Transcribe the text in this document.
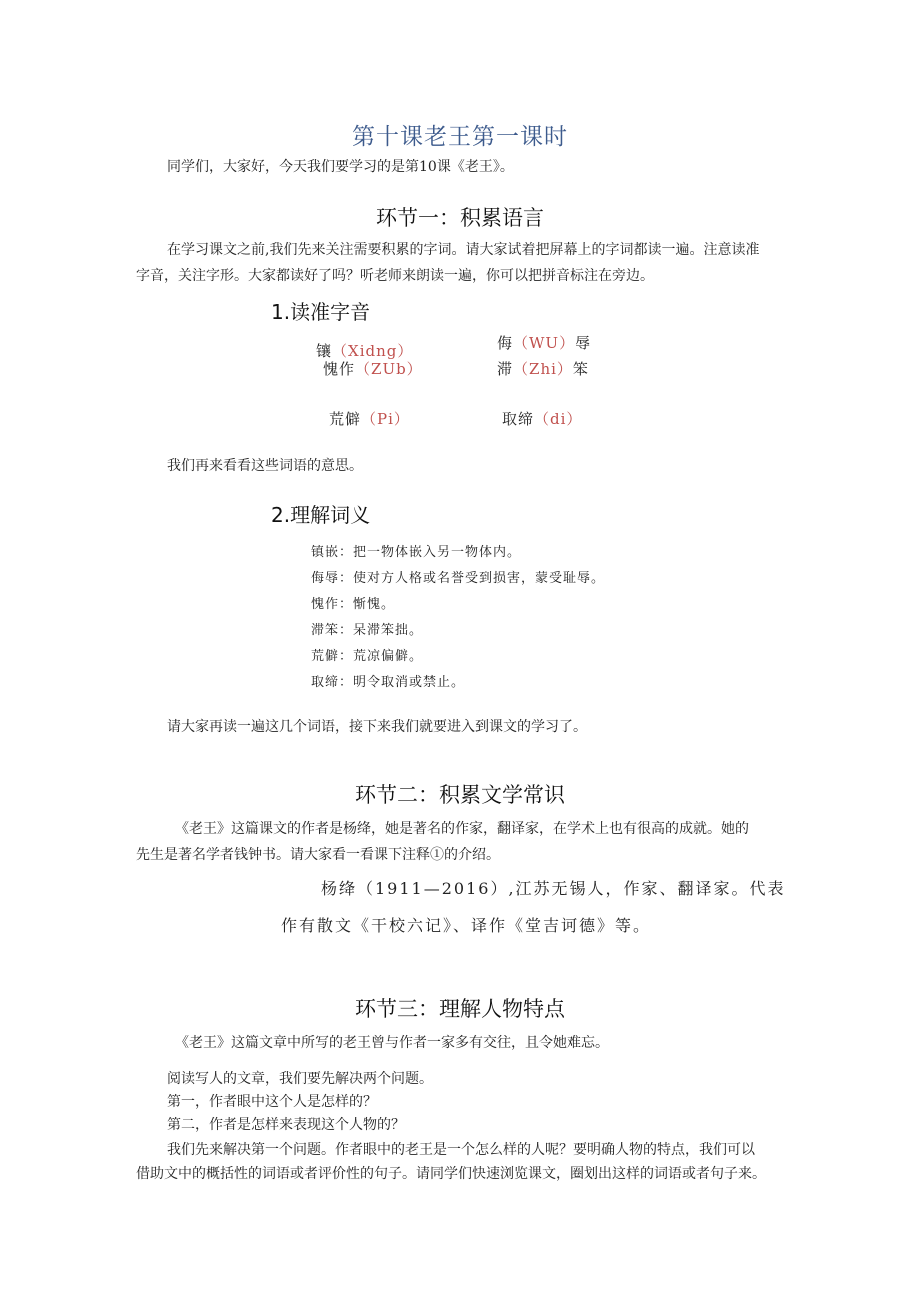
第十课老王第一课时
同学们，大家好，今天我们要学习的是第10课《老王》。
环节一：积累语言
在学习课文之前,我们先来关注需要积累的字词。请大家试着把屏幕上的字词都读一遍。注意读准
字音，关注字形。大家都读好了吗？听老师来朗读一遍，你可以把拼音标注在旁边。
1.读准字音
镶（Xidng）	侮（WU）辱
愧作（ZUb）	滞（Zhi）笨
荒僻（Pi）	取缔（di）
我们再来看看这些词语的意思。
2.理解词义
镇嵌：把一物体嵌入另一物体内。
侮辱：使对方人格或名誉受到损害，蒙受耻辱。
愧作：惭愧。
滞笨：呆滞笨拙。
荒僻：荒凉偏僻。
取缔：明令取消或禁止。
请大家再读一遍这几个词语，接下来我们就要进入到课文的学习了。
环节二：积累文学常识
《老王》这篇课文的作者是杨绛，她是著名的作家，翻译家，在学术上也有很高的成就。她的
先生是著名学者钱钟书。请大家看一看课下注释①的介绍。
杨绛（1911—2016）,江苏无锡人，作家、翻译家。代表
作有散文《干校六记》、译作《堂吉诃德》等。
环节三：理解人物特点
《老王》这篇文章中所写的老王曾与作者一家多有交往，且令她难忘。
阅读写人的文章，我们要先解决两个问题。
第一，作者眼中这个人是怎样的？
第二，作者是怎样来表现这个人物的？
我们先来解决第一个问题。作者眼中的老王是一个怎么样的人呢？要明确人物的特点，我们可以
借助文中的概括性的词语或者评价性的句子。请同学们快速浏览课文，圈划出这样的词语或者句子来。
